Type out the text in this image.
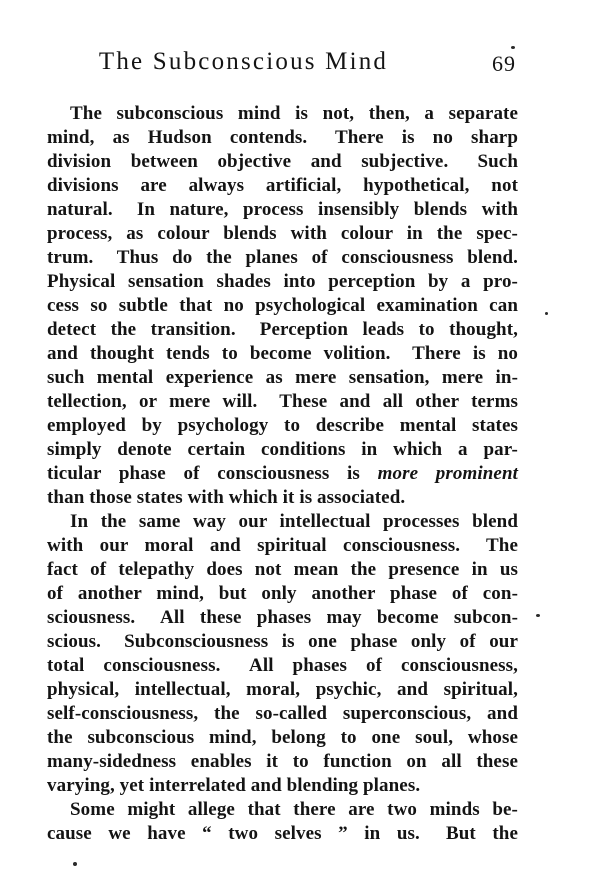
The Subconscious Mind	69
The subconscious mind is not, then, a separate
mind, as Hudson contends.  There is no sharp
division between objective and subjective.  Such
divisions are always artificial, hypothetical, not
natural.  In nature, process insensibly blends with
process, as colour blends with colour in the spec-
trum.  Thus do the planes of consciousness blend.
Physical sensation shades into perception by a pro-
cess so subtle that no psychological examination can
detect the transition.  Perception leads to thought,
and thought tends to become volition.  There is no
such mental experience as mere sensation, mere in-
tellection, or mere will.  These and all other terms
employed by psychology to describe mental states
simply denote certain conditions in which a par-
ticular phase of consciousness is more prominent
than those states with which it is associated.
In the same way our intellectual processes blend
with our moral and spiritual consciousness.  The
fact of telepathy does not mean the presence in us
of another mind, but only another phase of con-
sciousness.  All these phases may become subcon-
scious.  Subconsciousness is one phase only of our
total consciousness.  All phases of consciousness,
physical, intellectual, moral, psychic, and spiritual,
self-consciousness, the so-called superconscious, and
the subconscious mind, belong to one soul, whose
many-sidedness enables it to function on all these
varying, yet interrelated and blending planes.
Some might allege that there are two minds be-
cause we have “ two selves ” in us.  But the
